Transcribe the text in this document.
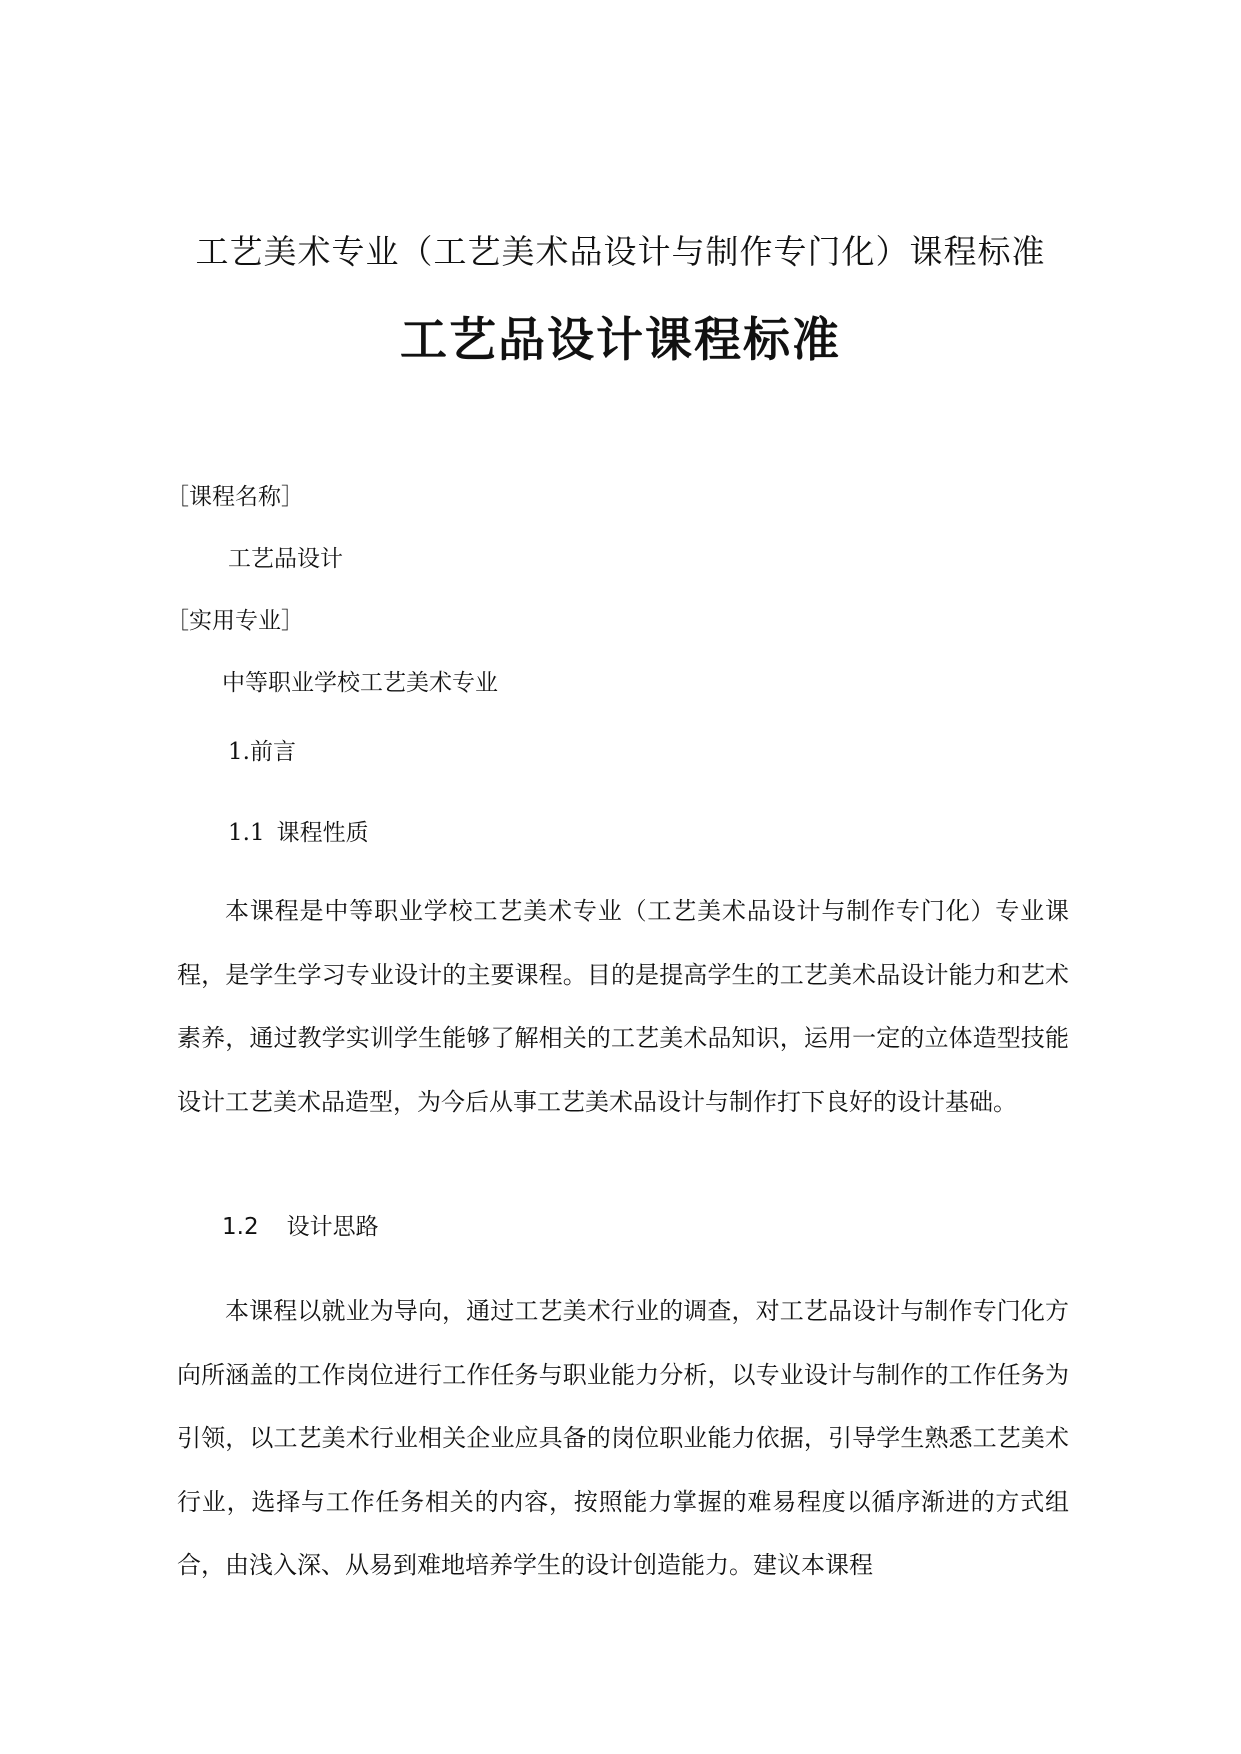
工艺美术专业（工艺美术品设计与制作专门化）课程标准
工艺品设计课程标准
［课程名称］
工艺品设计
［实用专业］
中等职业学校工艺美术专业
1.前言
1.1 课程性质

本课程是中等职业学校工艺美术专业（工艺美术品设计与制作专门化）专业课程，是学生学习专业设计的主要课程。目的是提高学生的工艺美术品设计能力和艺术素养，通过教学实训学生能够了解相关的工艺美术品知识，运用一定的立体造型技能设计工艺美术品造型，为今后从事工艺美术品设计与制作打下良好的设计基础。

1.2 设计思路

本课程以就业为导向，通过工艺美术行业的调查，对工艺品设计与制作专门化方向所涵盖的工作岗位进行工作任务与职业能力分析，以专业设计与制作的工作任务为引领，以工艺美术行业相关企业应具备的岗位职业能力依据，引导学生熟悉工艺美术行业，选择与工作任务相关的内容，按照能力掌握的难易程度以循序渐进的方式组合，由浅入深、从易到难地培养学生的设计创造能力。建议本课程
